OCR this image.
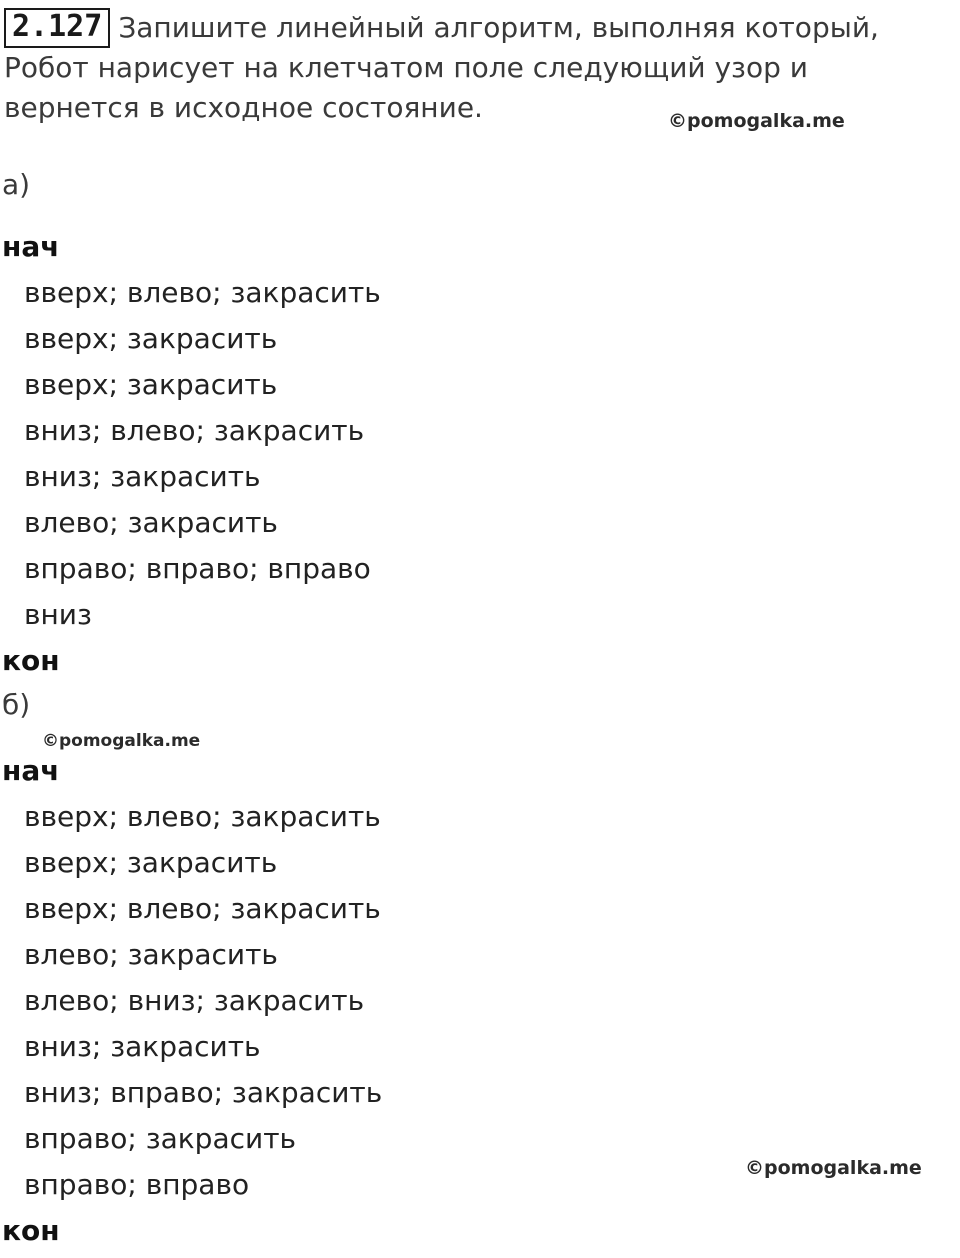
2.127 Запишите линейный алгоритм, выполняя который, Робот нарисует на клетчатом поле следующий узор и вернется в исходное состояние.
а)
нач
вверх; влево; закрасить
вверх; закрасить
вверх; закрасить
вниз; влево; закрасить
вниз; закрасить
влево; закрасить
вправо; вправо; вправо
вниз
кон
б)
нач
вверх; влево; закрасить
вверх; закрасить
вверх; влево; закрасить
влево; закрасить
влево; вниз; закрасить
вниз; закрасить
вниз; вправо; закрасить
вправо; закрасить
вправо; вправо
кон
©pomogalka.me
©pomogalka.me
©pomogalka.me
